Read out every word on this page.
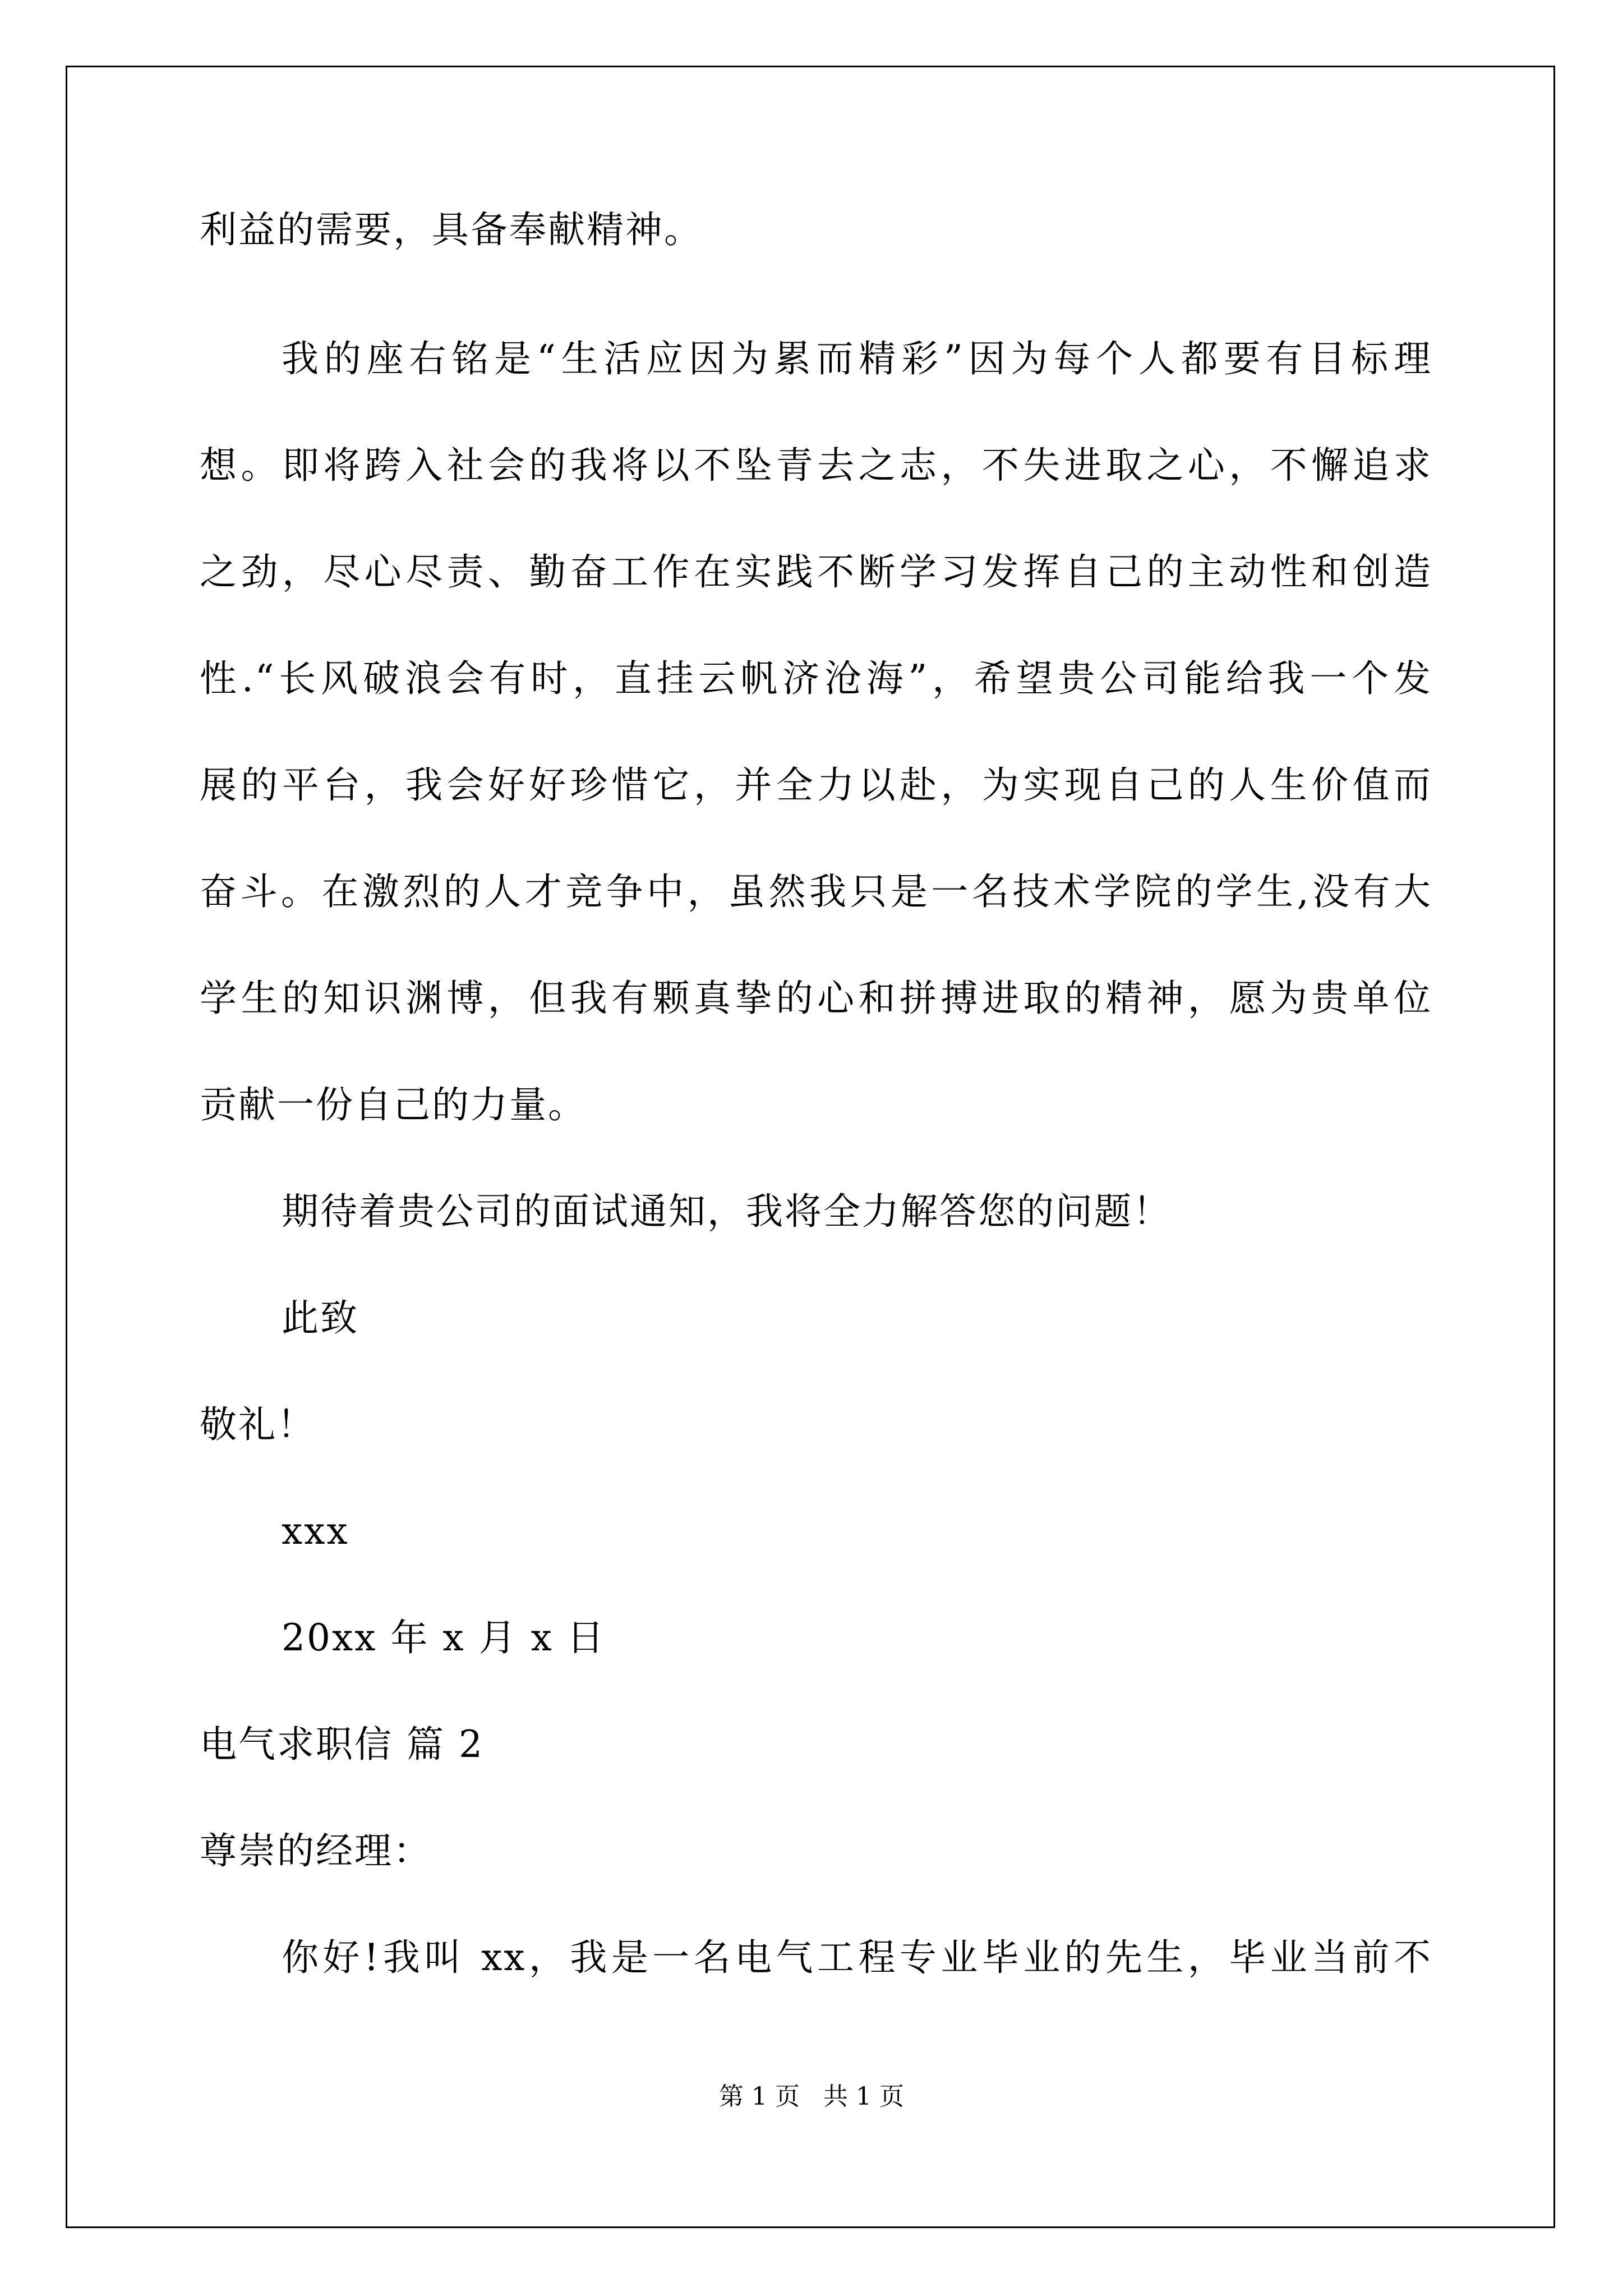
利益的需要，具备奉献精神。
我的座右铭是“生活应因为累而精彩”因为每个人都要有目标理
想。即将跨入社会的我将以不坠青去之志，不失进取之心，不懈追求
之劲，尽心尽责、勤奋工作在实践不断学习发挥自己的主动性和创造
性.“长风破浪会有时，直挂云帆济沧海”，希望贵公司能给我一个发
展的平台，我会好好珍惜它，并全力以赴，为实现自己的人生价值而
奋斗。在激烈的人才竞争中，虽然我只是一名技术学院的学生,没有大
学生的知识渊博，但我有颗真挚的心和拼搏进取的精神，愿为贵单位
贡献一份自己的力量。
期待着贵公司的面试通知，我将全力解答您的问题！
此致
敬礼！
xxx
20xx 年 x 月 x 日
电气求职信 篇 2
尊崇的经理：
你好!我叫 xx，我是一名电气工程专业毕业的先生，毕业当前不
第 1 页   共 1 页
